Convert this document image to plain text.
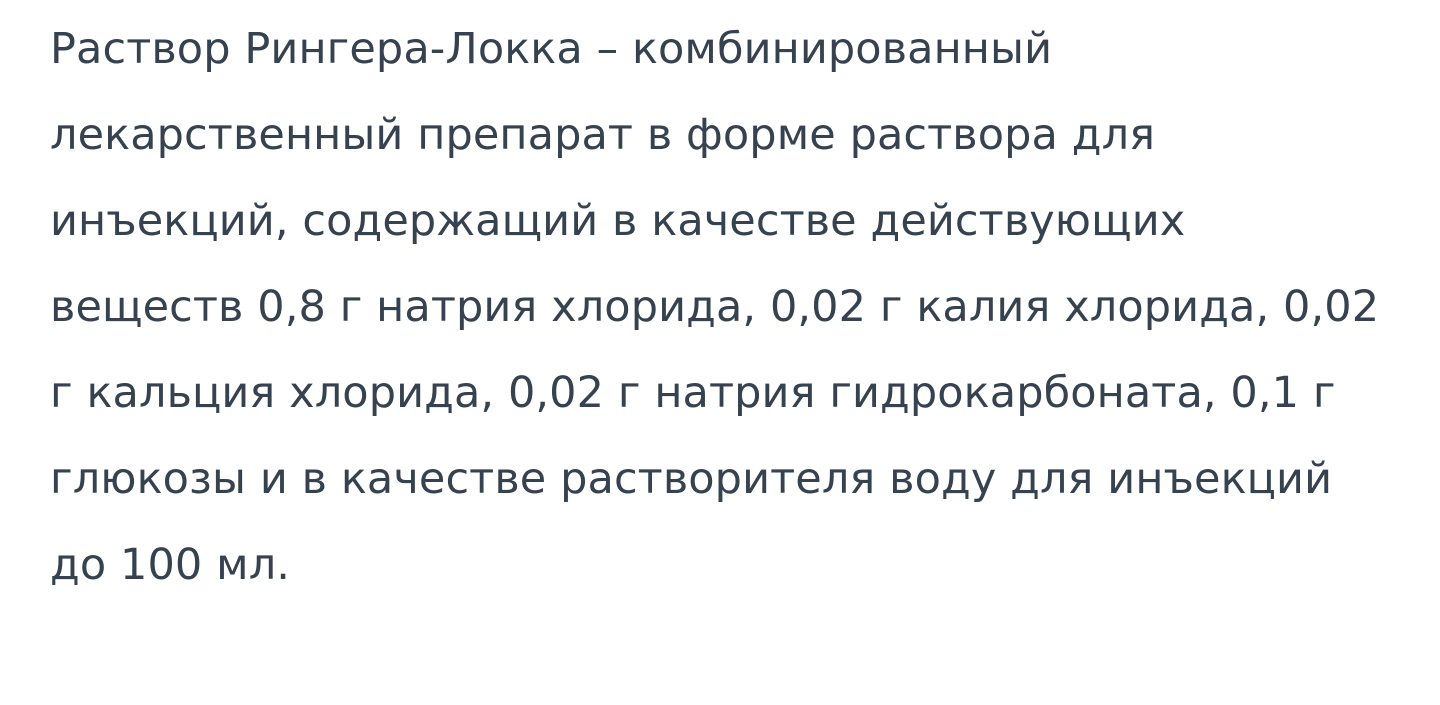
Раствор Рингера-Локка – комбинированный лекарственный препарат в форме раствора для инъекций, содержащий в качестве действующих веществ 0,8 г натрия хлорида, 0,02 г калия хлорида, 0,02 г кальция хлорида, 0,02 г натрия гидрокарбоната, 0,1 г глюкозы и в качестве растворителя воду для инъекций до 100 мл.
